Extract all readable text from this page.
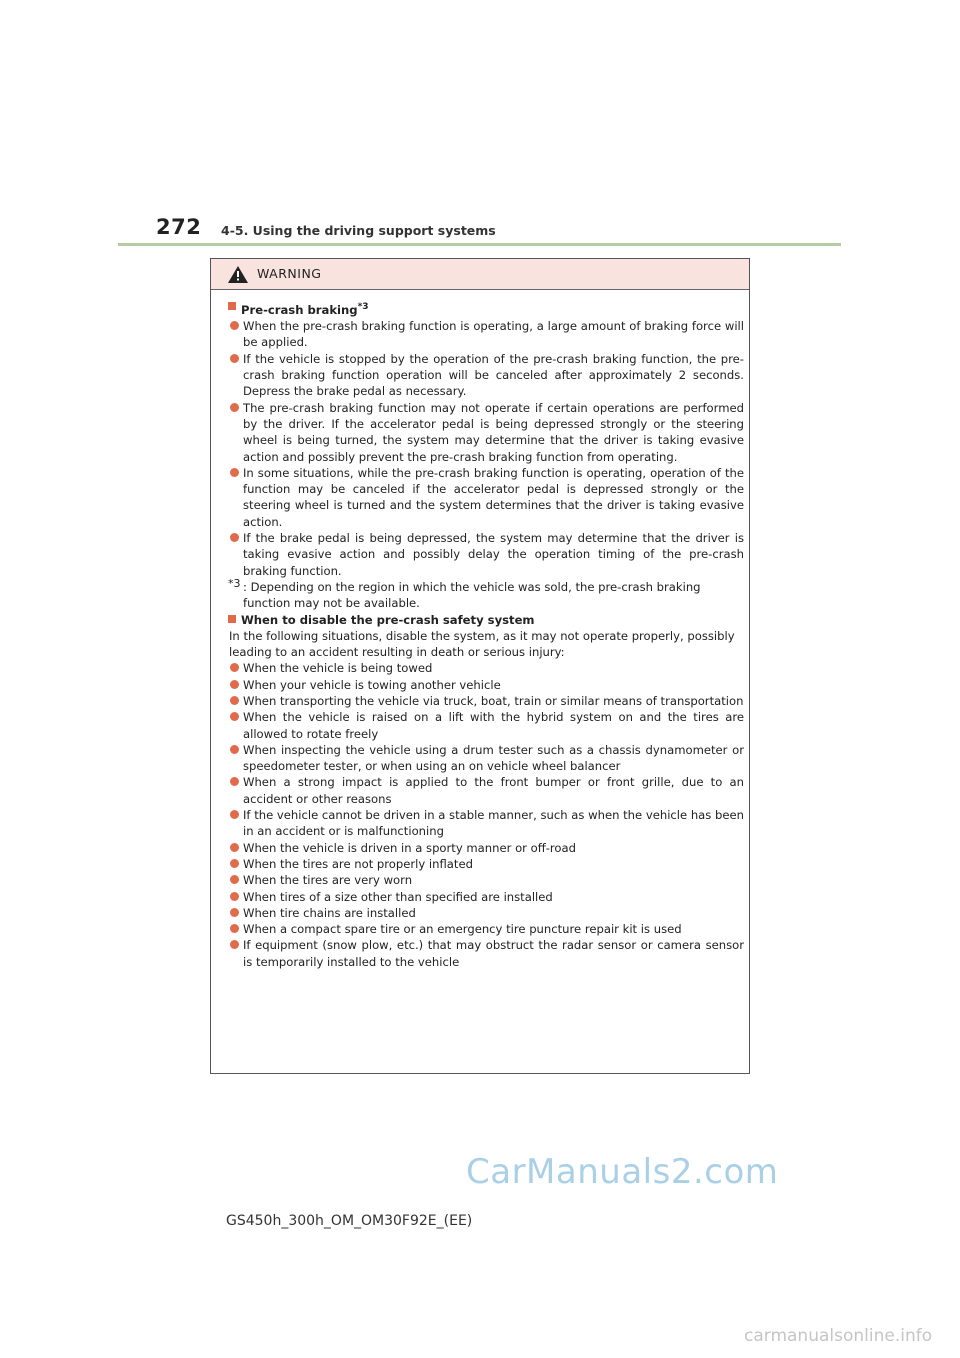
272 4-5. Using the driving support systems
WARNING

Pre-crash braking$^{*3}$

When the pre-crash braking function is operating, a large amount of braking force will be applied.

If the vehicle is stopped by the operation of the pre-crash braking function, the pre-crash braking function operation will be canceled after approximately 2 seconds. Depress the brake pedal as necessary.

The pre-crash braking function may not operate if certain operations are performed by the driver. If the accelerator pedal is being depressed strongly or the steering wheel is being turned, the system may determine that the driver is taking evasive action and possibly prevent the pre-crash braking function from operating.

In some situations, while the pre-crash braking function is operating, operation of the function may be canceled if the accelerator pedal is depressed strongly or the steering wheel is turned and the system determines that the driver is taking evasive action.

If the brake pedal is being depressed, the system may determine that the driver is taking evasive action and possibly delay the operation timing of the pre-crash braking function.

*3 : Depending on the region in which the vehicle was sold, the pre-crash braking function may not be available.

When to disable the pre-crash safety system

In the following situations, disable the system, as it may not operate properly, possibly leading to an accident resulting in death or serious injury:

When the vehicle is being towed

When your vehicle is towing another vehicle

When transporting the vehicle via truck, boat, train or similar means of transportation

When the vehicle is raised on a lift with the hybrid system on and the tires are allowed to rotate freely

When inspecting the vehicle using a drum tester such as a chassis dynamometer or speedometer tester, or when using an on vehicle wheel balancer

When a strong impact is applied to the front bumper or front grille, due to an accident or other reasons

If the vehicle cannot be driven in a stable manner, such as when the vehicle has been in an accident or is malfunctioning

When the vehicle is driven in a sporty manner or off-road

When the tires are not properly inflated

When the tires are very worn

When tires of a size other than specified are installed

When tire chains are installed

When a compact spare tire or an emergency tire puncture repair kit is used

If equipment (snow plow, etc.) that may obstruct the radar sensor or camera sensor is temporarily installed to the vehicle

GS450h_300h_OM_OM30F92E_(EE)
CarManuals2.com
carmanualsonline.info
